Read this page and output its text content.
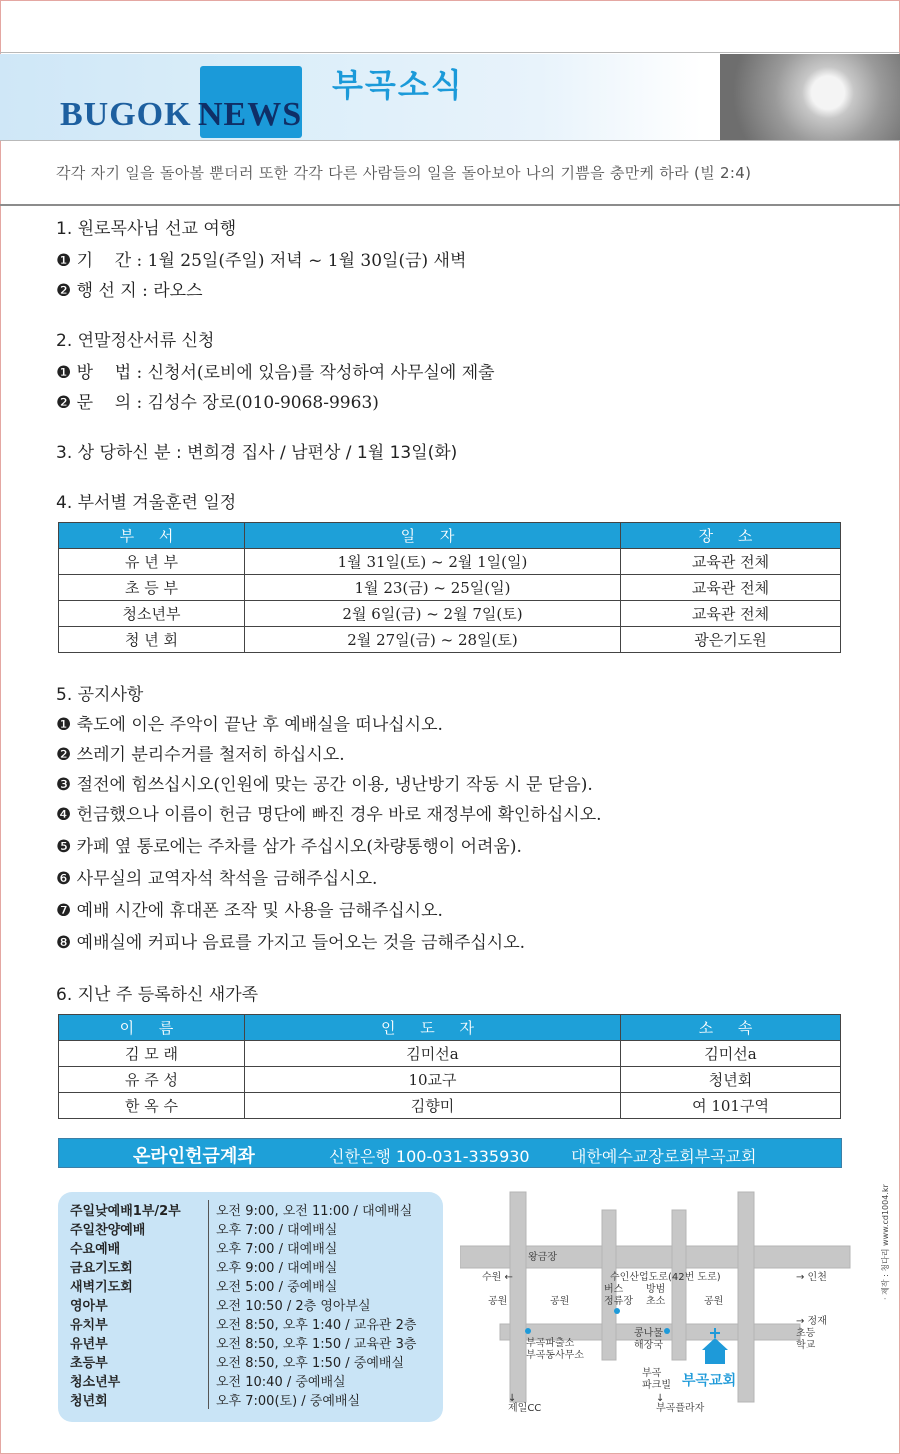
BUGOK NEWS
부곡소식
각각 자기 일을 돌아볼 뿐더러 또한 각각 다른 사람들의 일을 돌아보아 나의 기쁨을 충만케 하라 (빌 2:4)
1. 원로목사님 선교 여행
❶ 기    간 : 1월 25일(주일) 저녁 ~ 1월 30일(금) 새벽
❷ 행 선 지 : 라오스
2. 연말정산서류 신청
❶ 방    법 : 신청서(로비에 있음)를 작성하여 사무실에 제출
❷ 문    의 : 김성수 장로(010-9068-9963)
3. 상 당하신 분 : 변희경 집사 / 남편상 / 1월 13일(화)
4. 부서별 겨울훈련 일정
부 서	일 자	장 소
유 년 부	1월 31일(토) ~ 2월 1일(일)	교육관 전체
초 등 부	1월 23(금) ~ 25일(일)	교육관 전체
청소년부	2월 6일(금) ~ 2월 7일(토)	교육관 전체
청 년 회	2월 27일(금) ~ 28일(토)	광은기도원
5. 공지사항
❶ 축도에 이은 주악이 끝난 후 예배실을 떠나십시오.
❷ 쓰레기 분리수거를 철저히 하십시오.
❸ 절전에 힘쓰십시오(인원에 맞는 공간 이용, 냉난방기 작동 시 문 닫음).
❹ 헌금했으나 이름이 헌금 명단에 빠진 경우 바로 재정부에 확인하십시오.
❺ 카페 옆 통로에는 주차를 삼가 주십시오(차량통행이 어려움).
❻ 사무실의 교역자석 착석을 금해주십시오.
❼ 예배 시간에 휴대폰 조작 및 사용을 금해주십시오.
❽ 예배실에 커피나 음료를 가지고 들어오는 것을 금해주십시오.
6. 지난 주 등록하신 새가족
이 름	인 도 자	소 속
김 모 래	김미선a	김미선a
유 주 성	10교구	청년회
한 옥 수	김향미	여 101구역
온라인헌금계좌	신한은행 100-031-335930	대한예수교장로회부곡교회
주일낮예배1부/2부	오전 9:00, 오전 11:00 / 대예배실
주일찬양예배	오후 7:00 / 대예배실
수요예배	오후 7:00 / 대예배실
금요기도회	오후 9:00 / 대예배실
새벽기도회	오전 5:00 / 중예배실
영아부	오전 10:50 / 2층 영아부실
유치부	오전 8:50, 오후 1:40 / 교유관 2층
유년부	오전 8:50, 오후 1:50 / 교육관 3층
초등부	오전 8:50, 오후 1:50 / 중예배실
청소년부	오전 10:40 / 중예배실
청년회	오후 7:00(토) / 중예배실
왕금장
수원 ←	수인산업도로(42번 도로)	→ 인천
공원	공원
버스
정류장
방범
초소	공원
부곡파출소
부곡동사무소
콩나물
해장국
부곡
파크빌 부곡교회
→ 정재
초등
학교
↓
제일CC
↓
부곡플라자
· 제작 : 청다리 www.cd1004.kr
